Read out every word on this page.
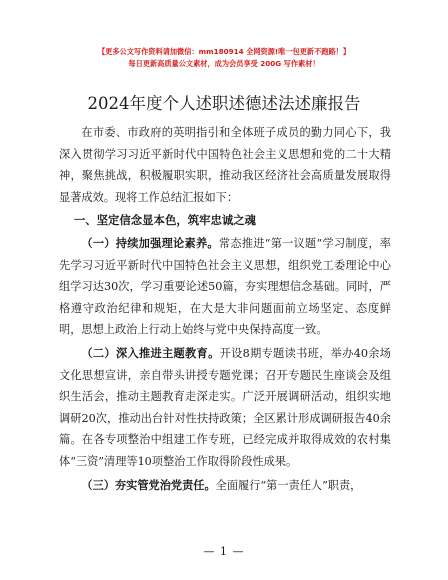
【更多公文写作资料请加微信：mm180914 全网资源!唯一包更新不跑路！】
每日更新高质量公文素材，成为会员享受 200G 写作素材！
2024年度个人述职述德述法述廉报告

在市委、市政府的英明指引和全体班子成员的勤力同心下，我深入贯彻学习习近平新时代中国特色社会主义思想和党的二十大精神，聚焦挑战，积极履职实职，推动我区经济社会高质量发展取得显著成效。现将工作总结汇报如下：

一、坚定信念显本色，筑牢忠诚之魂

（一）持续加强理论素养。常态推进“第一议题”学习制度，率先学习习近平新时代中国特色社会主义思想，组织党工委理论中心组学习达30次，学习重要论述50篇，夯实理想信念基础。同时，严格遵守政治纪律和规矩，在大是大非问题面前立场坚定、态度鲜明，思想上政治上行动上始终与党中央保持高度一致。

（二）深入推进主题教育。开设8期专题读书班，举办40余场文化思想宣讲，亲自带头讲授专题党课；召开专题民生座谈会及组织生活会，推动主题教育走深走实。广泛开展调研活动，组织实地调研20次，推动出台针对性扶持政策；全区累计形成调研报告40余篇。在各专项整治中组建工作专班，已经完成并取得成效的农村集体“三资”清理等10项整治工作取得阶段性成果。

（三）夯实管党治党责任。全面履行“第一责任人”职责，

— 1 —
